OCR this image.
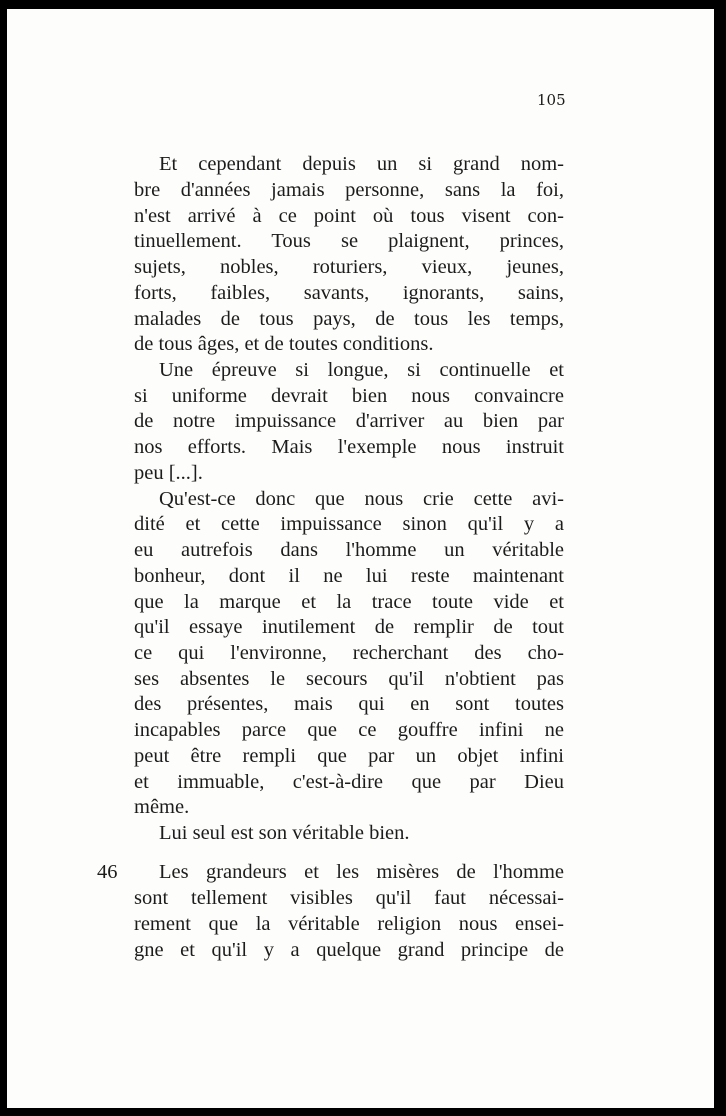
105
Et cependant depuis un si grand nom-
bre d'années jamais personne, sans la foi,
n'est arrivé à ce point où tous visent con-
tinuellement. Tous se plaignent, princes,
sujets, nobles, roturiers, vieux, jeunes,
forts, faibles, savants, ignorants, sains,
malades de tous pays, de tous les temps,
de tous âges, et de toutes conditions.
Une épreuve si longue, si continuelle et
si uniforme devrait bien nous convaincre
de notre impuissance d'arriver au bien par
nos efforts. Mais l'exemple nous instruit
peu [...].
Qu'est-ce donc que nous crie cette avi-
dité et cette impuissance sinon qu'il y a
eu autrefois dans l'homme un véritable
bonheur, dont il ne lui reste maintenant
que la marque et la trace toute vide et
qu'il essaye inutilement de remplir de tout
ce qui l'environne, recherchant des cho-
ses absentes le secours qu'il n'obtient pas
des présentes, mais qui en sont toutes
incapables parce que ce gouffre infini ne
peut être rempli que par un objet infini
et immuable, c'est-à-dire que par Dieu
même.
Lui seul est son véritable bien.
46 Les grandeurs et les misères de l'homme
sont tellement visibles qu'il faut nécessai-
rement que la véritable religion nous ensei-
gne et qu'il y a quelque grand principe de
